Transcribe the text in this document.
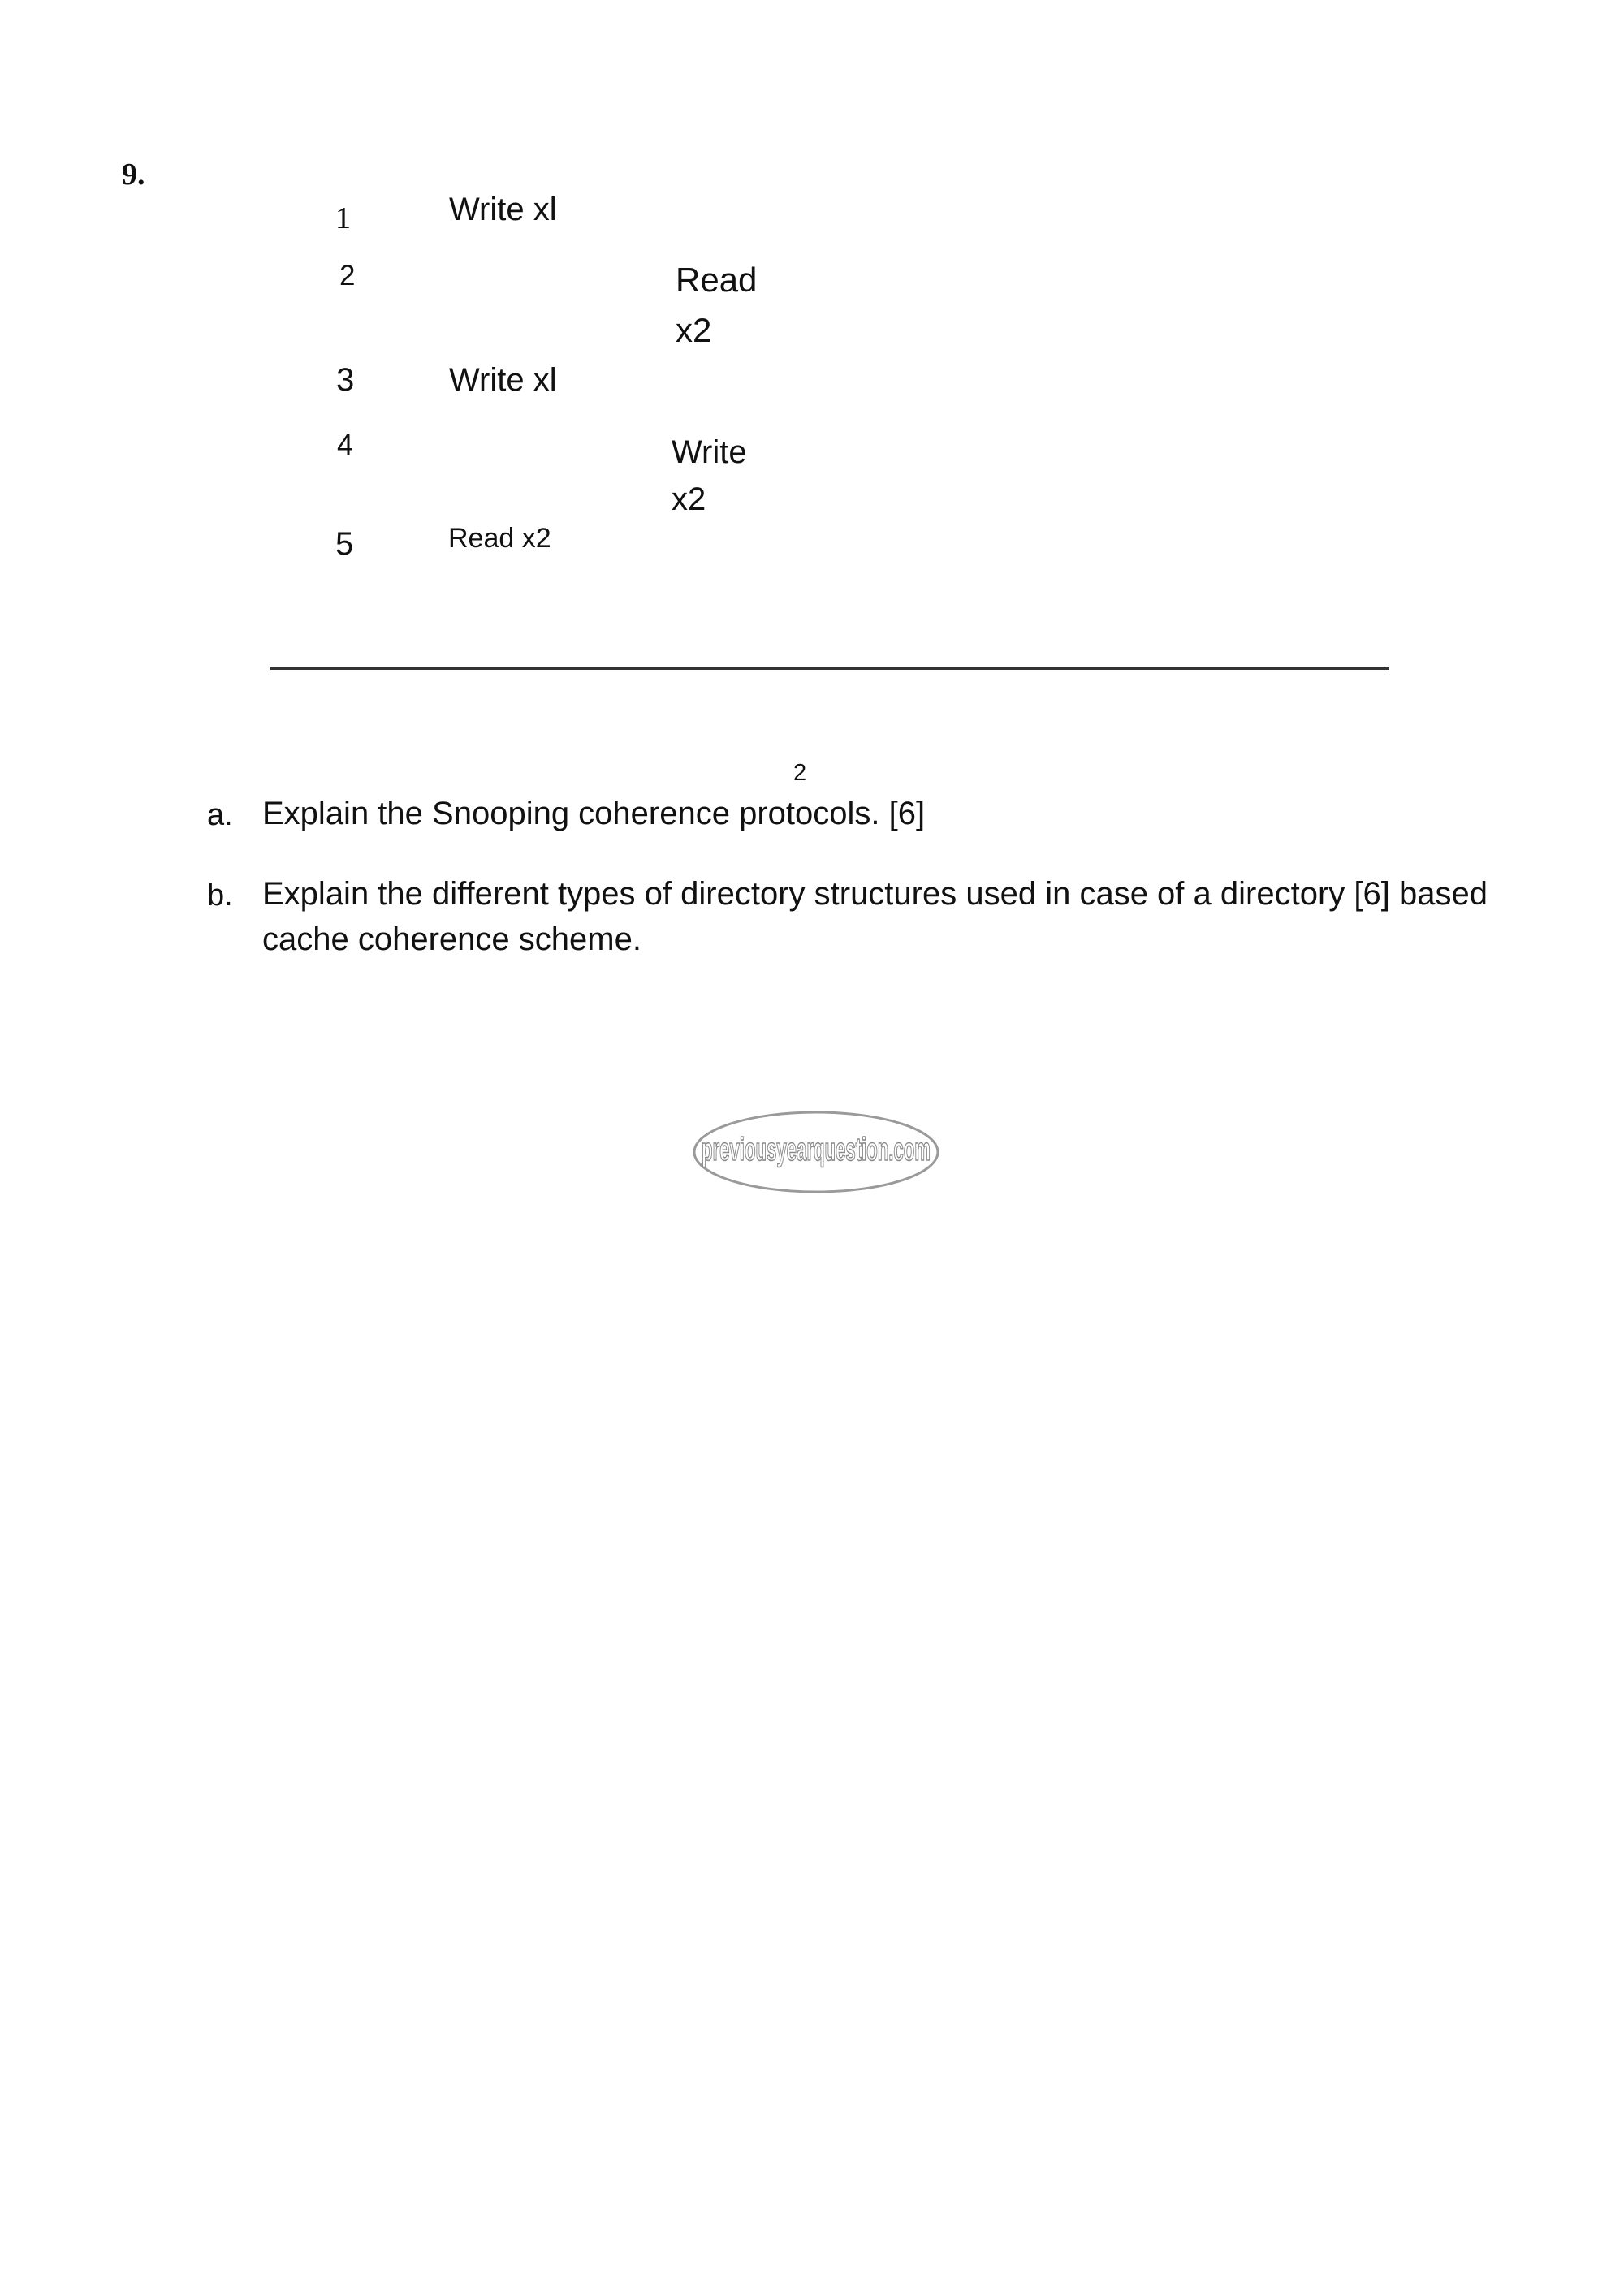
9.
1	Write xl
2	Read x2
3	Write xl
4	Write x2
5	Read x2
2
a. Explain the Snooping coherence protocols. [6]
b. Explain the different types of directory structures used in case of a directory [6] based cache coherence scheme.
previousyearquestion.com
